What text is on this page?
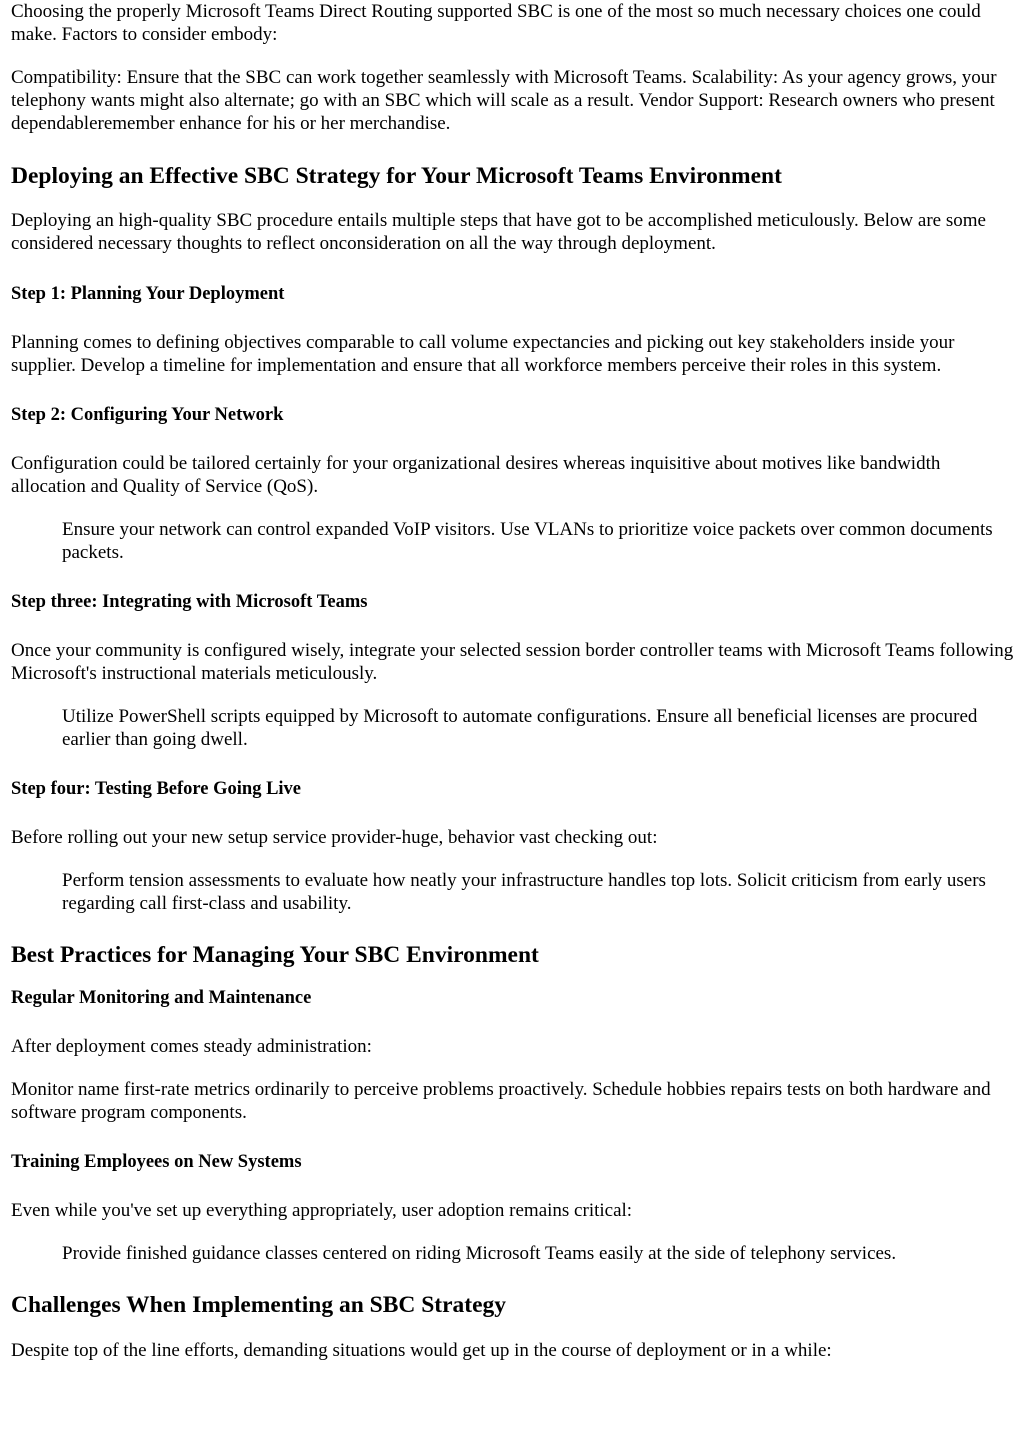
Choosing the properly Microsoft Teams Direct Routing supported SBC is one of the most so much necessary choices one could make. Factors to consider embody:

Compatibility: Ensure that the SBC can work together seamlessly with Microsoft Teams. Scalability: As your agency grows, your telephony wants might also alternate; go with an SBC which will scale as a result. Vendor Support: Research owners who present dependableremember enhance for his or her merchandise.

Deploying an Effective SBC Strategy for Your Microsoft Teams Environment

Deploying an high-quality SBC procedure entails multiple steps that have got to be accomplished meticulously. Below are some considered necessary thoughts to reflect onconsideration on all the way through deployment.

Step 1: Planning Your Deployment

Planning comes to defining objectives comparable to call volume expectancies and picking out key stakeholders inside your supplier. Develop a timeline for implementation and ensure that all workforce members perceive their roles in this system.

Step 2: Configuring Your Network

Configuration could be tailored certainly for your organizational desires whereas inquisitive about motives like bandwidth allocation and Quality of Service (QoS).

Ensure your network can control expanded VoIP visitors. Use VLANs to prioritize voice packets over common documents packets.
Step three: Integrating with Microsoft Teams

Once your community is configured wisely, integrate your selected session border controller teams with Microsoft Teams following Microsoft's instructional materials meticulously.

Utilize PowerShell scripts equipped by Microsoft to automate configurations. Ensure all beneficial licenses are procured earlier than going dwell.
Step four: Testing Before Going Live

Before rolling out your new setup service provider-huge, behavior vast checking out:

Perform tension assessments to evaluate how neatly your infrastructure handles top lots. Solicit criticism from early users regarding call first-class and usability.
Best Practices for Managing Your SBC Environment
Regular Monitoring and Maintenance

After deployment comes steady administration:

Monitor name first-rate metrics ordinarily to perceive problems proactively. Schedule hobbies repairs tests on both hardware and software program components.

Training Employees on New Systems

Even while you've set up everything appropriately, user adoption remains critical:

Provide finished guidance classes centered on riding Microsoft Teams easily at the side of telephony services.
Challenges When Implementing an SBC Strategy

Despite top of the line efforts, demanding situations would get up in the course of deployment or in a while:
